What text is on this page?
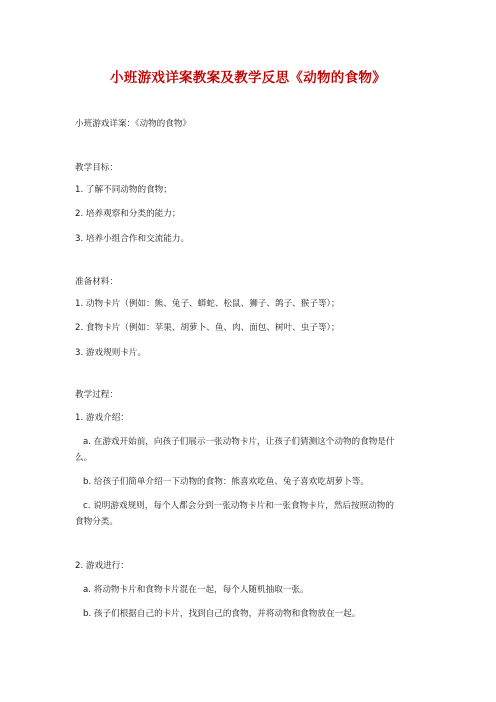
小班游戏详案教案及教学反思《动物的食物》

小班游戏详案：《动物的食物》

教学目标：

1. 了解不同动物的食物；

2. 培养观察和分类的能力；

3. 培养小组合作和交流能力。

准备材料：

1. 动物卡片（例如：熊、兔子、蟒蛇、松鼠、狮子、鸽子、猴子等）；

2. 食物卡片（例如：苹果、胡萝卜、鱼、肉、面包、树叶、虫子等）；

3. 游戏规则卡片。

教学过程：

1. 游戏介绍：

a. 在游戏开始前，向孩子们展示一张动物卡片，让孩子们猜测这个动物的食物是什

么。

b. 给孩子们简单介绍一下动物的食物：熊喜欢吃鱼、兔子喜欢吃胡萝卜等。

c. 说明游戏规则，每个人都会分到一张动物卡片和一张食物卡片，然后按照动物的

食物分类。

2. 游戏进行：

a. 将动物卡片和食物卡片混在一起，每个人随机抽取一张。

b. 孩子们根据自己的卡片，找到自己的食物，并将动物和食物放在一起。
